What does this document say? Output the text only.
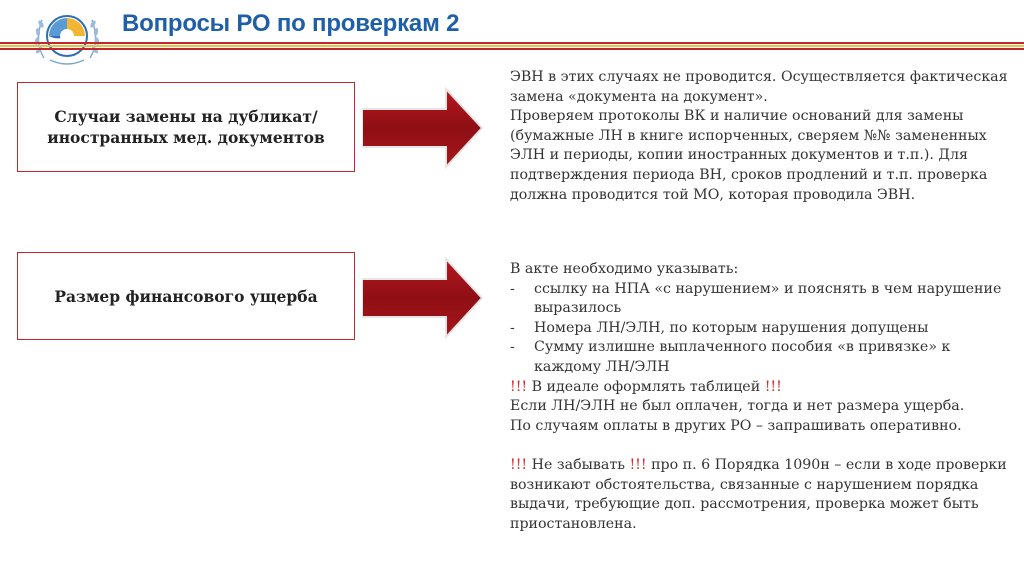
Вопросы РО по проверкам 2
Случаи замены на дубликат/иностранных мед. документов
Размер финансового ущерба
ЭВН в этих случаях не проводится. Осуществляется фактическая замена «документа на документ».
Проверяем протоколы ВК и наличие оснований для замены (бумажные ЛН в книге испорченных, сверяем №№ замененных ЭЛН и периоды, копии иностранных документов и т.п.). Для подтверждения периода ВН, сроков продлений и т.п. проверка должна проводится той МО, которая проводила ЭВН.
В акте необходимо указывать:
-	ссылку на НПА «с нарушением» и пояснять в чем нарушение выразилось
-	Номера ЛН/ЭЛН, по которым нарушения допущены
-	Сумму излишне выплаченного пособия «в привязке» к каждому ЛН/ЭЛН
!!! В идеале оформлять таблицей !!!
Если ЛН/ЭЛН не был оплачен, тогда и нет размера ущерба.
По случаям оплаты в других РО – запрашивать оперативно.
!!! Не забывать !!! про п. 6 Порядка 1090н – если в ходе проверки возникают обстоятельства, связанные с нарушением порядка выдачи, требующие доп. рассмотрения, проверка может быть приостановлена.
